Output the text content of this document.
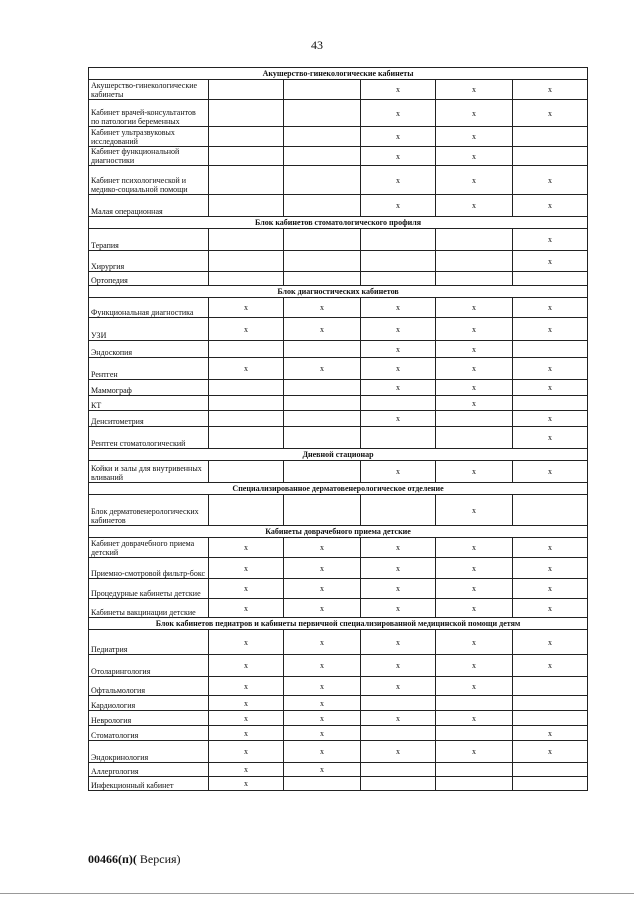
43
Акушерство-гинекологические кабинеты					
Акушерство-гинекологические кабинеты			х	х	х
Кабинет врачей-консультантов по патологии беременных			х	х	х
Кабинет ультразвуковых исследований			х	х	
Кабинет функциональной диагностики			х	х	
Кабинет психологической и медико-социальной помощи			х	х	х
Малая операционная			х	х	х
Блок кабинетов стоматологического профиля					
Терапия					х
Хирургия					х
Ортопедия					
Блок диагностических кабинетов					
Функциональная диагностика	х	х	х	х	х
УЗИ	х	х	х	х	х
Эндоскопия			х	х	
Рентген	х	х	х	х	х
Маммограф			х	х	х
КТ				х	
Денситометрия			х		х
Рентген стоматологический					х
Дневной стационар					
Койки и залы для внутривенных вливаний			х	х	х
Специализированное дерматовенерологическое отделение					
Блок дерматовенерологических кабинетов				х	
Кабинеты доврачебного приема детские					
Кабинет доврачебного приема детский	х	х	х	х	х
Приемно-смотровой фильтр-бокс	х	х	х	х	х
Процедурные кабинеты детские	х	х	х	х	х
Кабинеты вакцинации детские	х	х	х	х	х
Блок кабинетов педиатров и кабинеты первичной специализированной медицинской помощи детям					
Педиатрия	х	х	х	х	х
Отоларингология	х	х	х	х	х
Офтальмология	х	х	х	х	
Кардиология	х	х			
Неврология	х	х	х	х	
Стоматология	х	х			х
Эндокринология	х	х	х	х	х
Аллергология	х	х			
Инфекционный кабинет	х				
00466(п)( Версия)
